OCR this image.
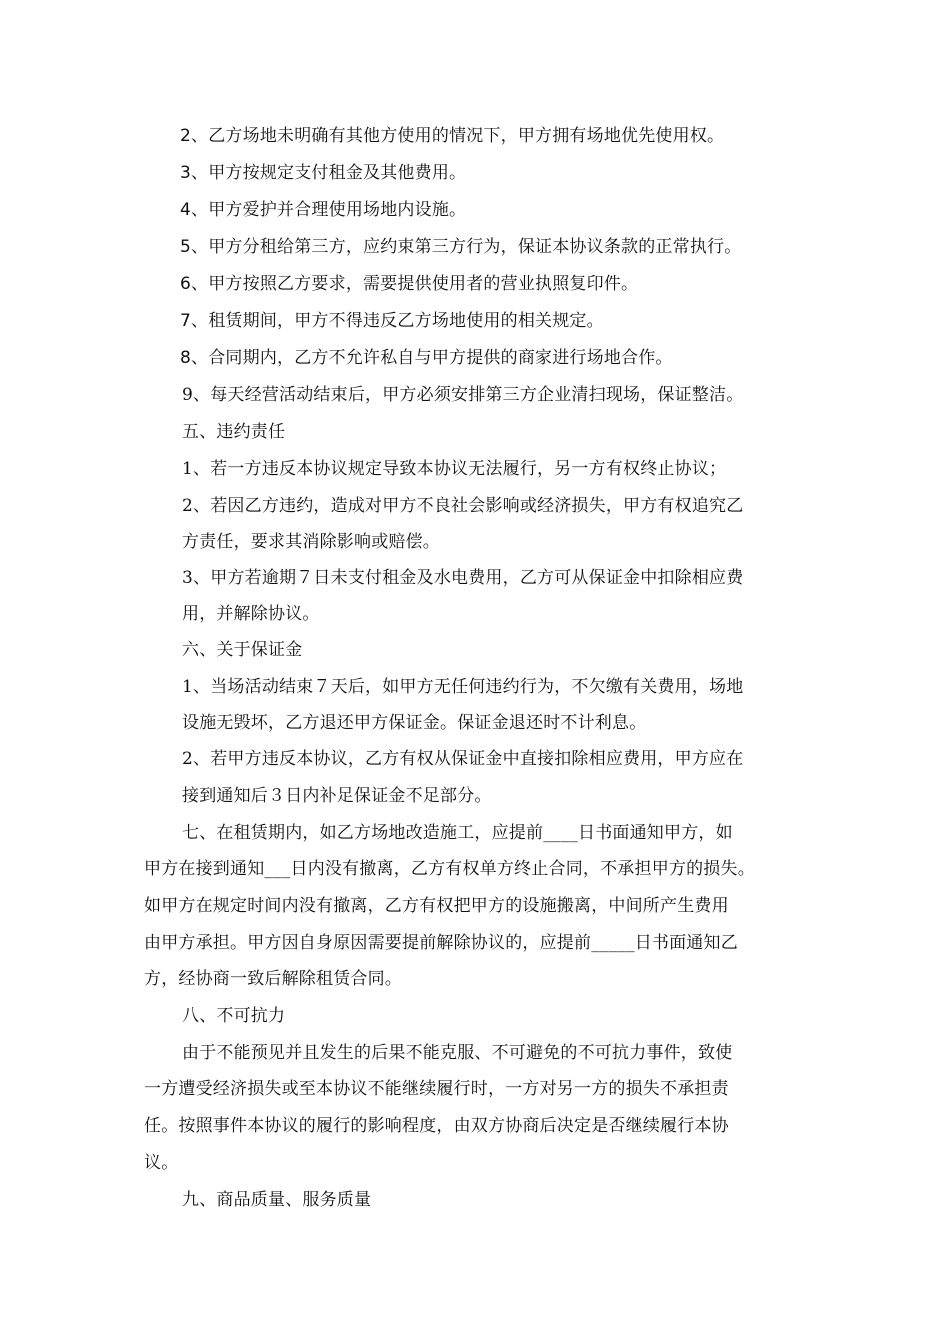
2、乙方场地未明确有其他方使用的情况下，甲方拥有场地优先使用权。
3、甲方按规定支付租金及其他费用。
4、甲方爱护并合理使用场地内设施。
5、甲方分租给第三方，应约束第三方行为，保证本协议条款的正常执行。
6、甲方按照乙方要求，需要提供使用者的营业执照复印件。
7、租赁期间，甲方不得违反乙方场地使用的相关规定。
8、合同期内，乙方不允许私自与甲方提供的商家进行场地合作。
9、每天经营活动结束后，甲方必须安排第三方企业清扫现场，保证整洁。
五、违约责任
1、若一方违反本协议规定导致本协议无法履行，另一方有权终止协议；
2、若因乙方违约，造成对甲方不良社会影响或经济损失，甲方有权追究乙
方责任，要求其消除影响或赔偿。
3、甲方若逾期７日未支付租金及水电费用，乙方可从保证金中扣除相应费
用，并解除协议。
六、关于保证金
1、当场活动结束７天后，如甲方无任何违约行为，不欠缴有关费用，场地
设施无毁坏，乙方退还甲方保证金。保证金退还时不计利息。
2、若甲方违反本协议，乙方有权从保证金中直接扣除相应费用，甲方应在
接到通知后３日内补足保证金不足部分。
七、在租赁期内，如乙方场地改造施工，应提前____日书面通知甲方，如
甲方在接到通知___日内没有撤离，乙方有权单方终止合同，不承担甲方的损失。
如甲方在规定时间内没有撤离，乙方有权把甲方的设施搬离，中间所产生费用
由甲方承担。甲方因自身原因需要提前解除协议的，应提前_____日书面通知乙
方，经协商一致后解除租赁合同。
八、不可抗力
由于不能预见并且发生的后果不能克服、不可避免的不可抗力事件，致使
一方遭受经济损失或至本协议不能继续履行时，一方对另一方的损失不承担责
任。按照事件本协议的履行的影响程度，由双方协商后决定是否继续履行本协
议。
九、商品质量、服务质量
